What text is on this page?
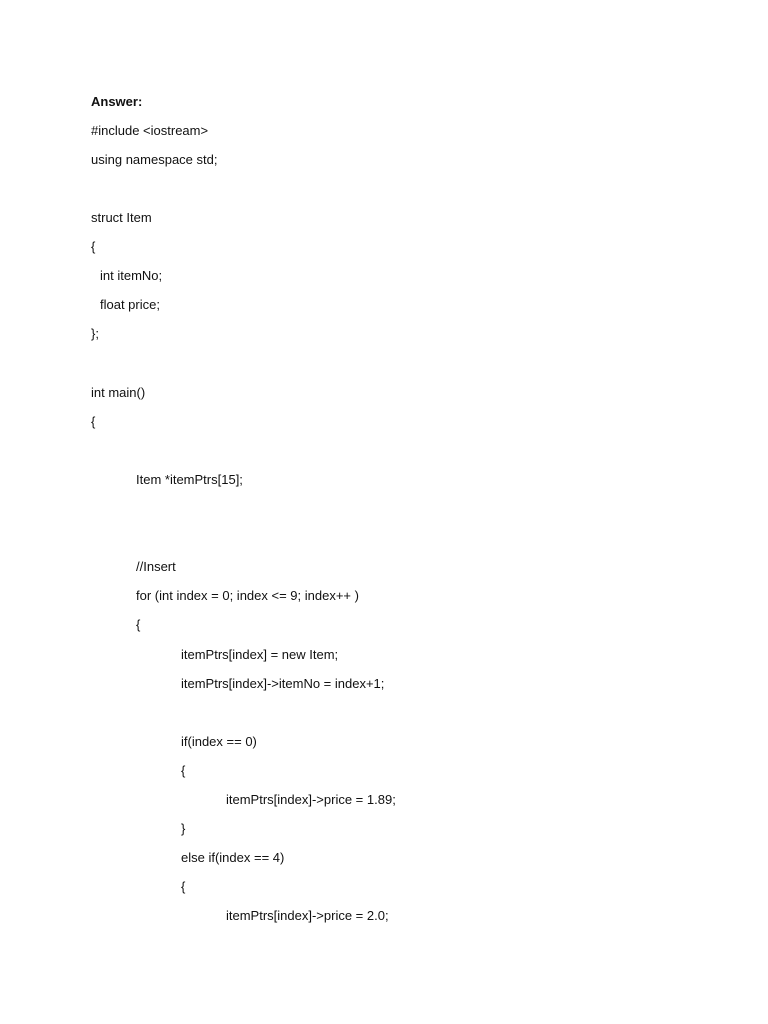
Answer:
#include <iostream>
using namespace std;
struct Item
{
int itemNo;
float price;
};
int main()
{
Item *itemPtrs[15];
//Insert
for (int index = 0; index <= 9; index++ )
{
itemPtrs[index] = new Item;
itemPtrs[index]->itemNo = index+1;
if(index == 0)
{
itemPtrs[index]->price = 1.89;
}
else if(index == 4)
{
itemPtrs[index]->price = 2.0;
